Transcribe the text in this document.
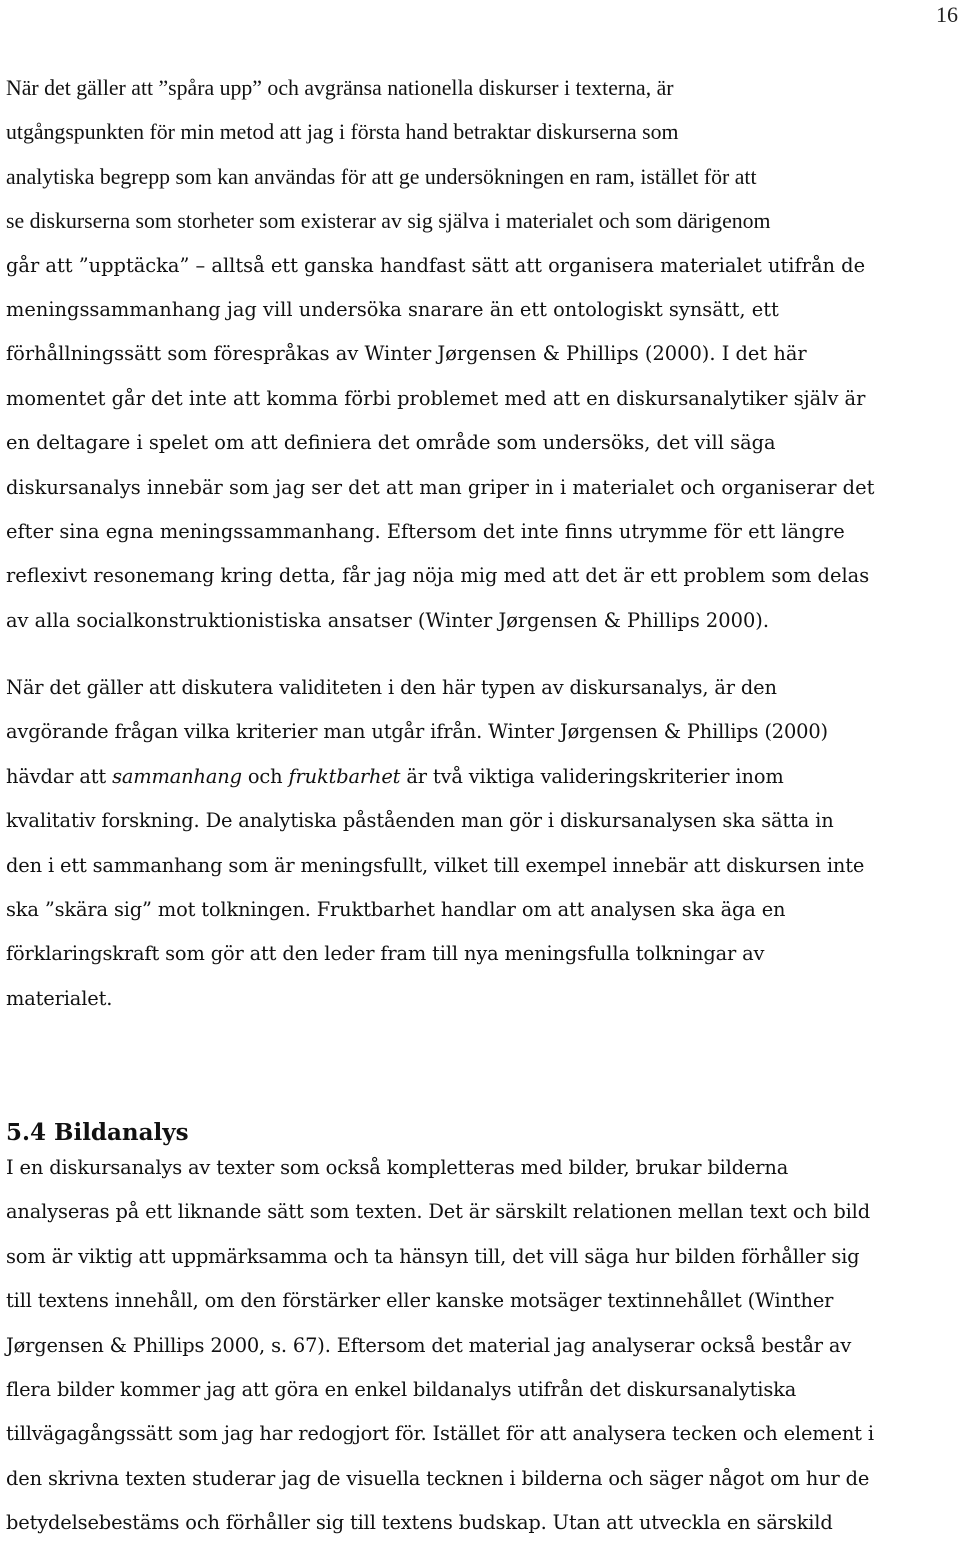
16
När det gäller att ”spåra upp” och avgränsa nationella diskurser i texterna, är
utgångspunkten för min metod att jag i första hand betraktar diskurserna som
analytiska begrepp som kan användas för att ge undersökningen en ram, istället för att
se diskurserna som storheter som existerar av sig själva i materialet och som därigenom
går att ”upptäcka” – alltså ett ganska handfast sätt att organisera materialet utifrån de
meningssammanhang jag vill undersöka snarare än ett ontologiskt synsätt, ett
förhållningssätt som förespråkas av Winter Jørgensen & Phillips (2000). I det här
momentet går det inte att komma förbi problemet med att en diskursanalytiker själv är
en deltagare i spelet om att definiera det område som undersöks, det vill säga
diskursanalys innebär som jag ser det att man griper in i materialet och organiserar det
efter sina egna meningssammanhang. Eftersom det inte finns utrymme för ett längre
reflexivt resonemang kring detta, får jag nöja mig med att det är ett problem som delas
av alla socialkonstruktionistiska ansatser (Winter Jørgensen & Phillips 2000).
När det gäller att diskutera validiteten i den här typen av diskursanalys, är den
avgörande frågan vilka kriterier man utgår ifrån. Winter Jørgensen & Phillips (2000)
hävdar att sammanhang och fruktbarhet är två viktiga valideringskriterier inom
kvalitativ forskning. De analytiska påståenden man gör i diskursanalysen ska sätta in
den i ett sammanhang som är meningsfullt, vilket till exempel innebär att diskursen inte
ska ”skära sig” mot tolkningen. Fruktbarhet handlar om att analysen ska äga en
förklaringskraft som gör att den leder fram till nya meningsfulla tolkningar av
materialet.
5.4 Bildanalys
I en diskursanalys av texter som också kompletteras med bilder, brukar bilderna
analyseras på ett liknande sätt som texten. Det är särskilt relationen mellan text och bild
som är viktig att uppmärksamma och ta hänsyn till, det vill säga hur bilden förhåller sig
till textens innehåll, om den förstärker eller kanske motsäger textinnehållet (Winther
Jørgensen & Phillips 2000, s. 67). Eftersom det material jag analyserar också består av
flera bilder kommer jag att göra en enkel bildanalys utifrån det diskursanalytiska
tillvägagångssätt som jag har redogjort för. Istället för att analysera tecken och element i
den skrivna texten studerar jag de visuella tecknen i bilderna och säger något om hur de
betydelsebestäms och förhåller sig till textens budskap. Utan att utveckla en särskild
